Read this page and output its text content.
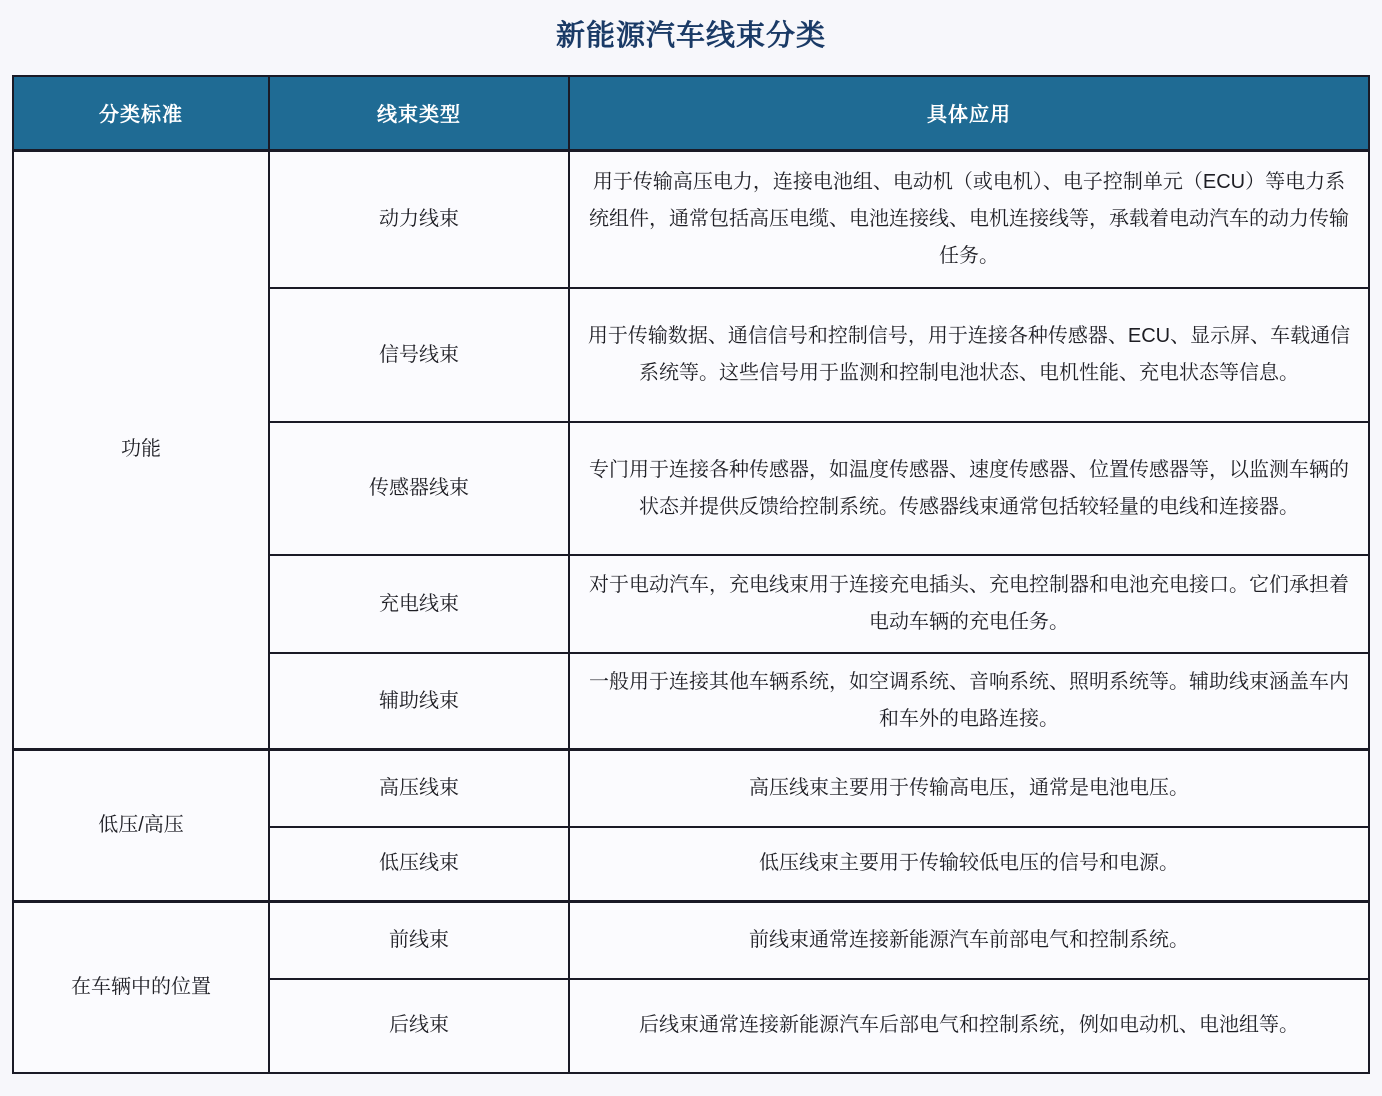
新能源汽车线束分类
分类标准	线束类型	具体应用
功能	动力线束	用于传输高压电力，连接电池组、电动机（或电机）、电子控制单元（ECU）等电力系统组件，通常包括高压电缆、电池连接线、电机连接线等，承载着电动汽车的动力传输任务。
	信号线束	用于传输数据、通信信号和控制信号，用于连接各种传感器、ECU、显示屏、车载通信系统等。这些信号用于监测和控制电池状态、电机性能、充电状态等信息。
	传感器线束	专门用于连接各种传感器，如温度传感器、速度传感器、位置传感器等，以监测车辆的状态并提供反馈给控制系统。传感器线束通常包括较轻量的电线和连接器。
	充电线束	对于电动汽车，充电线束用于连接充电插头、充电控制器和电池充电接口。它们承担着电动车辆的充电任务。
	辅助线束	一般用于连接其他车辆系统，如空调系统、音响系统、照明系统等。辅助线束涵盖车内和车外的电路连接。
低压/高压	高压线束	高压线束主要用于传输高电压，通常是电池电压。
	低压线束	低压线束主要用于传输较低电压的信号和电源。
在车辆中的位置	前线束	前线束通常连接新能源汽车前部电气和控制系统。
	后线束	后线束通常连接新能源汽车后部电气和控制系统，例如电动机、电池组等。
